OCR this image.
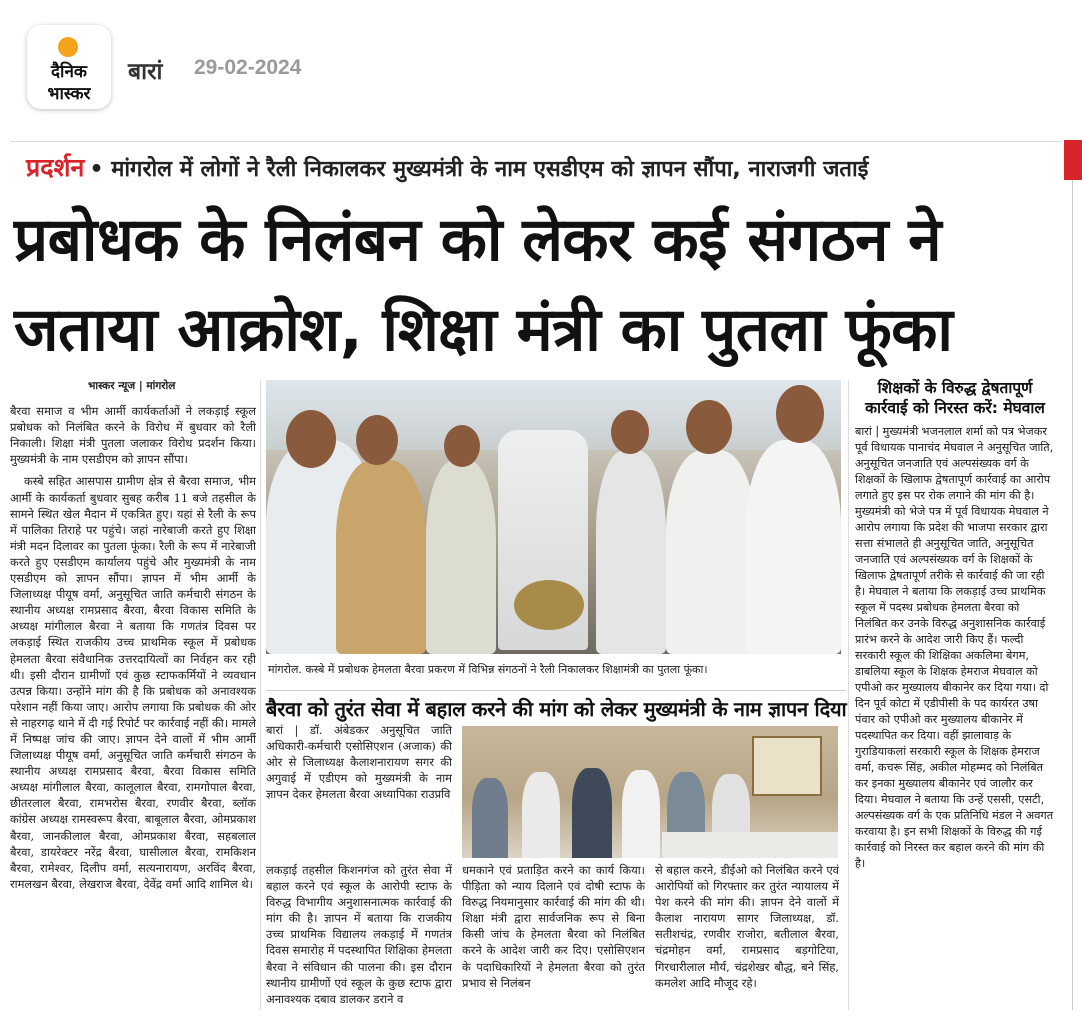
दैनिक
भास्कर
बारां 29-02-2024
प्रदर्शन • मांगरोल में लोगों ने रैली निकालकर मुख्यमंत्री के नाम एसडीएम को ज्ञापन सौंपा, नाराजगी जताई
प्रबोधक के निलंबन को लेकर कई संगठन ने
जताया आक्रोश, शिक्षा मंत्री का पुतला फूंका
भास्कर न्यूज | मांगरोल

बैरवा समाज व भीम आर्मी कार्यकर्ताओं ने लकड़ाई स्कूल प्रबोधक को निलंबित करने के विरोध में बुधवार को रैली निकाली। शिक्षा मंत्री पुतला जलाकर विरोध प्रदर्शन किया। मुख्यमंत्री के नाम एसडीएम को ज्ञापन सौंपा।

कस्बे सहित आसपास ग्रामीण क्षेत्र से बैरवा समाज, भीम आर्मी के कार्यकर्ता बुधवार सुबह करीब 11 बजे तहसील के सामने स्थित खेल मैदान में एकत्रित हुए। यहां से रैली के रूप में पालिका तिराहे पर पहुंचे। जहां नारेबाजी करते हुए शिक्षा मंत्री मदन दिलावर का पुतला फूंका। रैली के रूप में नारेबाजी करते हुए एसडीएम कार्यालय पहुंचे और मुख्यमंत्री के नाम एसडीएम को ज्ञापन सौंपा। ज्ञापन में भीम आर्मी के जिलाध्यक्ष पीयूष वर्मा, अनुसूचित जाति कर्मचारी संगठन के स्थानीय अध्यक्ष रामप्रसाद बैरवा, बैरवा विकास समिति के अध्यक्ष मांगीलाल बैरवा ने बताया कि गणतंत्र दिवस पर लकड़ाई स्थित राजकीय उच्च प्राथमिक स्कूल में प्रबोधक हेमलता बैरवा संवैधानिक उत्तरदायित्वों का निर्वहन कर रही थी। इसी दौरान ग्रामीणों एवं कुछ स्टाफकर्मियों ने व्यवधान उत्पन्न किया। उन्होंने मांग की है कि प्रबोधक को अनावश्यक परेशान नहीं किया जाए। आरोप लगाया कि प्रबोधक की ओर से नाहरगढ़ थाने में दी गई रिपोर्ट पर कार्रवाई नहीं की। मामले में निष्पक्ष जांच की जाए। ज्ञापन देने वालों में भीम आर्मी जिलाध्यक्ष पीयूष वर्मा, अनुसूचित जाति कर्मचारी संगठन के स्थानीय अध्यक्ष रामप्रसाद बैरवा, बैरवा विकास समिति अध्यक्ष मांगीलाल बैरवा, कालूलाल बैरवा, रामगोपाल बैरवा, छीतरलाल बैरवा, रामभरोस बैरवा, रणवीर बैरवा, ब्लॉक कांग्रेस अध्यक्ष रामस्वरूप बैरवा, बाबूलाल बैरवा, ओमप्रकाश बैरवा, जानकीलाल बैरवा, ओमप्रकाश बैरवा, सहबलाल बैरवा, डायरेक्टर नरेंद्र बैरवा, घासीलाल बैरवा, रामकिशन बैरवा, रामेश्वर, दिलीप वर्मा, सत्यनारायण, अरविंद बैरवा, रामलखन बैरवा, लेखराज बैरवा, देवेंद्र वर्मा आदि शामिल थे।

मांगरोल. कस्बे में प्रबोधक हेमलता बैरवा प्रकरण में विभिन्न संगठनों ने रैली निकालकर शिक्षामंत्री का पुतला फूंका।
बैरवा को तुरंत सेवा में बहाल करने की मांग को लेकर मुख्यमंत्री के नाम ज्ञापन दिया
बारां | डॉ. अंबेडकर अनुसूचित जाति अधिकारी-कर्मचारी एसोसिएशन (अजाक) की ओर से जिलाध्यक्ष कैलाशनारायण सगर की अगुवाई में एडीएम को मुख्यमंत्री के नाम ज्ञापन देकर हेमलता बैरवा अध्यापिका राउप्रवि
लकड़ाई तहसील किशनगंज को तुरंत सेवा में बहाल करने एवं स्कूल के आरोपी स्टाफ के विरुद्ध विभागीय अनुशासनात्मक कार्रवाई की मांग की है। ज्ञापन में बताया कि राजकीय उच्च प्राथमिक विद्यालय लकड़ाई में गणतंत्र दिवस समारोह में पदस्थापित शिक्षिका हेमलता बैरवा ने संविधान की पालना की। इस दौरान स्थानीय ग्रामीणों एवं स्कूल के कुछ स्टाफ द्वारा अनावश्यक दबाव डालकर डराने व
धमकाने एवं प्रताड़ित करने का कार्य किया। पीड़िता को न्याय दिलाने एवं दोषी स्टाफ के विरुद्ध नियमानुसार कार्रवाई की मांग की थी। शिक्षा मंत्री द्वारा सार्वजनिक रूप से बिना किसी जांच के हेमलता बैरवा को निलंबित करने के आदेश जारी कर दिए। एसोसिएशन के पदाधिकारियों ने हेमलता बैरवा को तुरंत प्रभाव से निलंबन
से बहाल करने, डीईओ को निलंबित करने एवं आरोपियों को गिरफ्तार कर तुरंत न्यायालय में पेश करने की मांग की। ज्ञापन देने वालों में कैलाश नारायण सागर जिलाध्यक्ष, डॉ. सतीशचंद्र, रणवीर राजोरा, बतीलाल बैरवा, चंद्रमोहन वर्मा, रामप्रसाद बड़गोटिया, गिरधारीलाल मौर्य, चंद्रशेखर बौद्ध, बने सिंह, कमलेश आदि मौजूद रहे।
शिक्षकों के विरुद्ध द्वेषतापूर्ण कार्रवाई को निरस्त करें: मेघवाल

बारां | मुख्यमंत्री भजनलाल शर्मा को पत्र भेजकर पूर्व विधायक पानाचंद मेघवाल ने अनुसूचित जाति, अनुसूचित जनजाति एवं अल्पसंख्यक वर्ग के शिक्षकों के खिलाफ द्वेषतापूर्ण कार्रवाई का आरोप लगाते हुए इस पर रोक लगाने की मांग की है। मुख्यमंत्री को भेजे पत्र में पूर्व विधायक मेघवाल ने आरोप लगाया कि प्रदेश की भाजपा सरकार द्वारा सत्ता संभालते ही अनुसूचित जाति, अनुसूचित जनजाति एवं अल्पसंख्यक वर्ग के शिक्षकों के खिलाफ द्वेषतापूर्ण तरीके से कार्रवाई की जा रही है। मेघवाल ने बताया कि लकड़ाई उच्च प्राथमिक स्कूल में पदस्थ प्रबोधक हेमलता बैरवा को निलंबित कर उनके विरुद्ध अनुशासनिक कार्रवाई प्रारंभ करने के आदेश जारी किए हैं। फल्दी सरकारी स्कूल की शिक्षिका अकलिमा बेगम, डाबलिया स्कूल के शिक्षक हेमराज मेघवाल को एपीओ कर मुख्यालय बीकानेर कर दिया गया। दो दिन पूर्व कोटा में एडीपीसी के पद कार्यरत उषा पंवार को एपीओ कर मुख्यालय बीकानेर में पदस्थापित कर दिया। वहीं झालावाड़ के गुराडियाकलां सरकारी स्कूल के शिक्षक हेमराज वर्मा, कचरू सिंह, अकील मोहम्मद को निलंबित कर इनका मुख्यालय बीकानेर एवं जालौर कर दिया। मेघवाल ने बताया कि उन्हें एससी, एसटी, अल्पसंख्यक वर्ग के एक प्रतिनिधि मंडल ने अवगत करवाया है। इन सभी शिक्षकों के विरुद्ध की गई कार्रवाई को निरस्त कर बहाल करने की मांग की है।
